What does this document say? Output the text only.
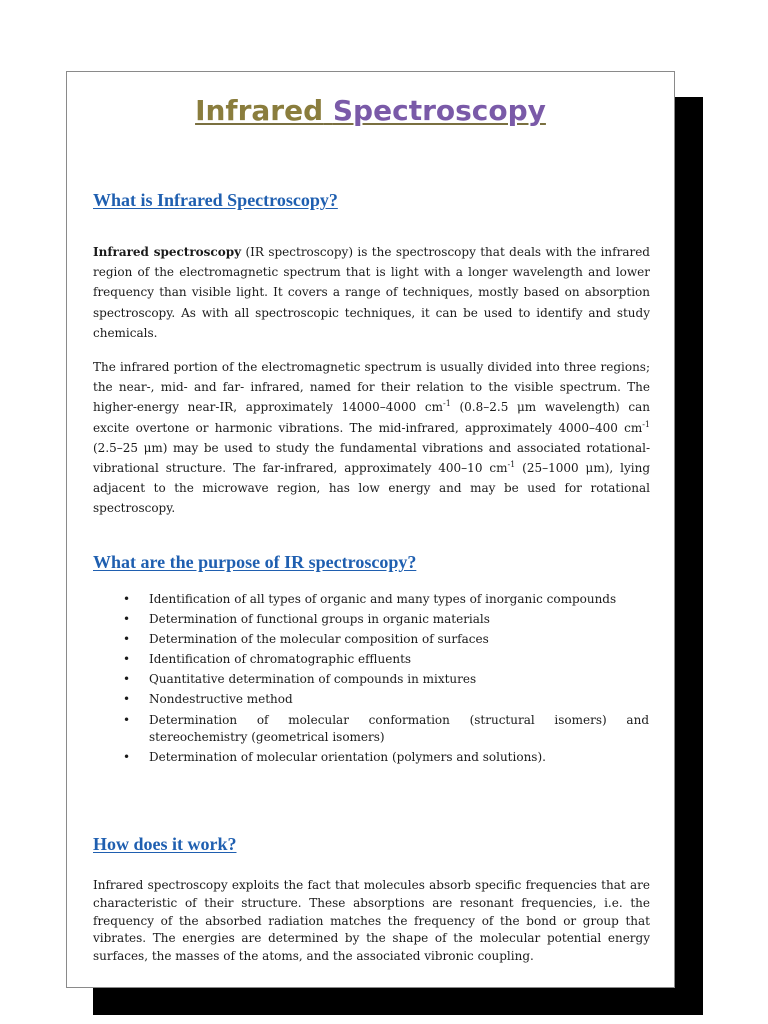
Infrared Spectroscopy
What is Infrared Spectroscopy?

Infrared spectroscopy (IR spectroscopy) is the spectroscopy that deals with the infrared region of the electromagnetic spectrum that is light with a longer wavelength and lower frequency than visible light. It covers a range of techniques, mostly based on absorption spectroscopy. As with all spectroscopic techniques, it can be used to identify and study chemicals.

The infrared portion of the electromagnetic spectrum is usually divided into three regions; the near-, mid- and far- infrared, named for their relation to the visible spectrum. The higher-energy near-IR, approximately 14000–4000 $cm^{-1}$ (0.8–2.5 μm wavelength) can excite overtone or harmonic vibrations. The mid-infrared, approximately 4000–400 $cm^{-1}$ (2.5–25 μm) may be used to study the fundamental vibrations and associated rotational-vibrational structure. The far-infrared, approximately 400–10 $cm^{-1}$ (25–1000 μm), lying adjacent to the microwave region, has low energy and may be used for rotational spectroscopy.

What are the purpose of IR spectroscopy?
• Identification of all types of organic and many types of inorganic compounds
• Determination of functional groups in organic materials
• Determination of the molecular composition of surfaces
• Identification of chromatographic effluents
• Quantitative determination of compounds in mixtures
• Nondestructive method
• Determination of molecular conformation (structural isomers) and stereochemistry (geometrical isomers)
• Determination of molecular orientation (polymers and solutions).
How does it work?

Infrared spectroscopy exploits the fact that molecules absorb specific frequencies that are characteristic of their structure. These absorptions are resonant frequencies, i.e. the frequency of the absorbed radiation matches the frequency of the bond or group that vibrates. The energies are determined by the shape of the molecular potential energy surfaces, the masses of the atoms, and the associated vibronic coupling.
